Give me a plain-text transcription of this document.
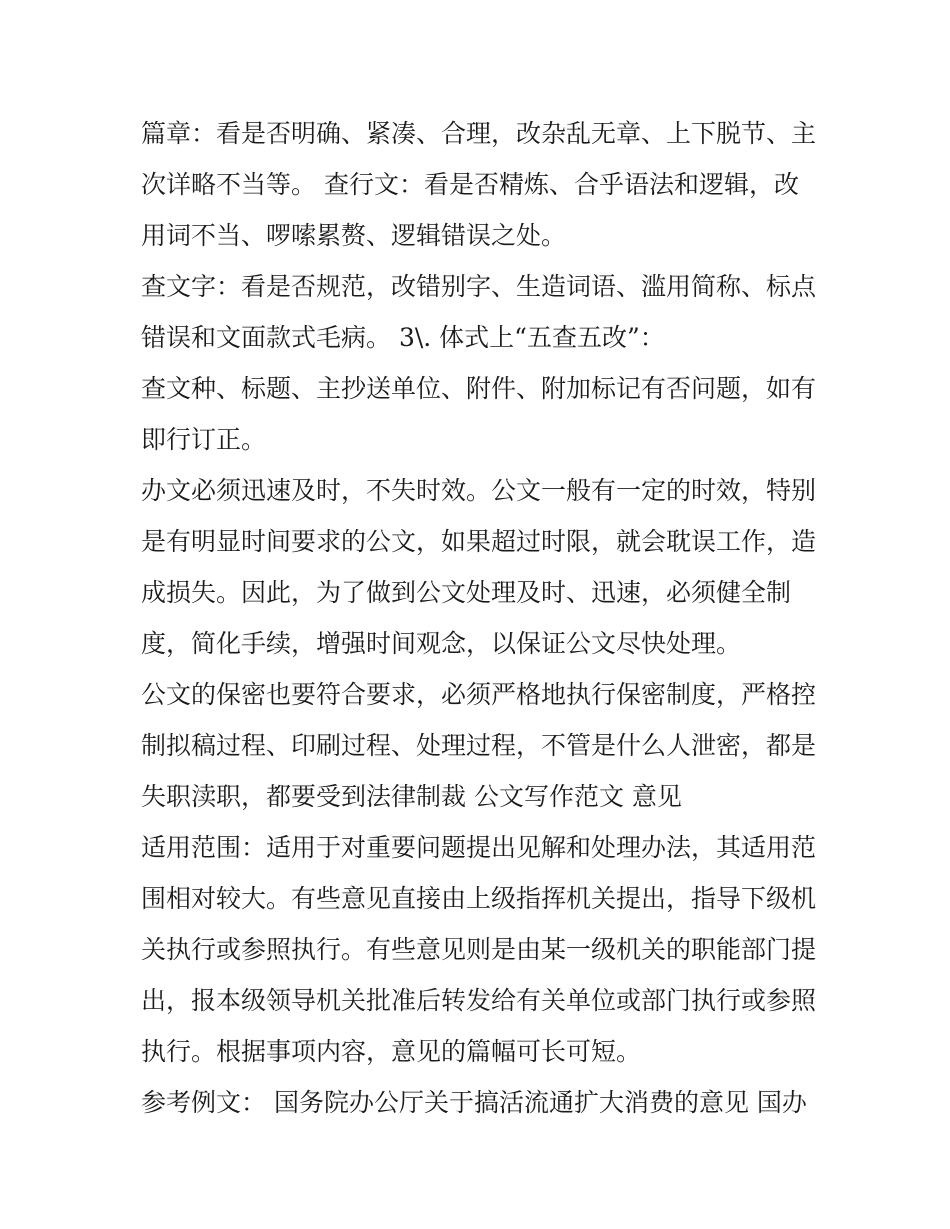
篇章：看是否明确、紧凑、合理，改杂乱无章、上下脱节、主
次详略不当等。 查行文：看是否精炼、合乎语法和逻辑，改
用词不当、啰嗦累赘、逻辑错误之处。
查文字：看是否规范，改错别字、生造词语、滥用简称、标点
错误和文面款式毛病。 3\. 体式上“五查五改”：
查文种、标题、主抄送单位、附件、附加标记有否问题，如有
即行订正。
办文必须迅速及时，不失时效。公文一般有一定的时效，特别
是有明显时间要求的公文，如果超过时限，就会耽误工作，造
成损失。因此，为了做到公文处理及时、迅速，必须健全制
度，简化手续，增强时间观念，以保证公文尽快处理。
公文的保密也要符合要求，必须严格地执行保密制度，严格控
制拟稿过程、印刷过程、处理过程，不管是什么人泄密，都是
失职渎职，都要受到法律制裁 公文写作范文 意见
适用范围：适用于对重要问题提出见解和处理办法，其适用范
围相对较大。有些意见直接由上级指挥机关提出，指导下级机
关执行或参照执行。有些意见则是由某一级机关的职能部门提
出，报本级领导机关批准后转发给有关单位或部门执行或参照
执行。根据事项内容，意见的篇幅可长可短。
参考例文： 国务院办公厅关于搞活流通扩大消费的意见 国办
